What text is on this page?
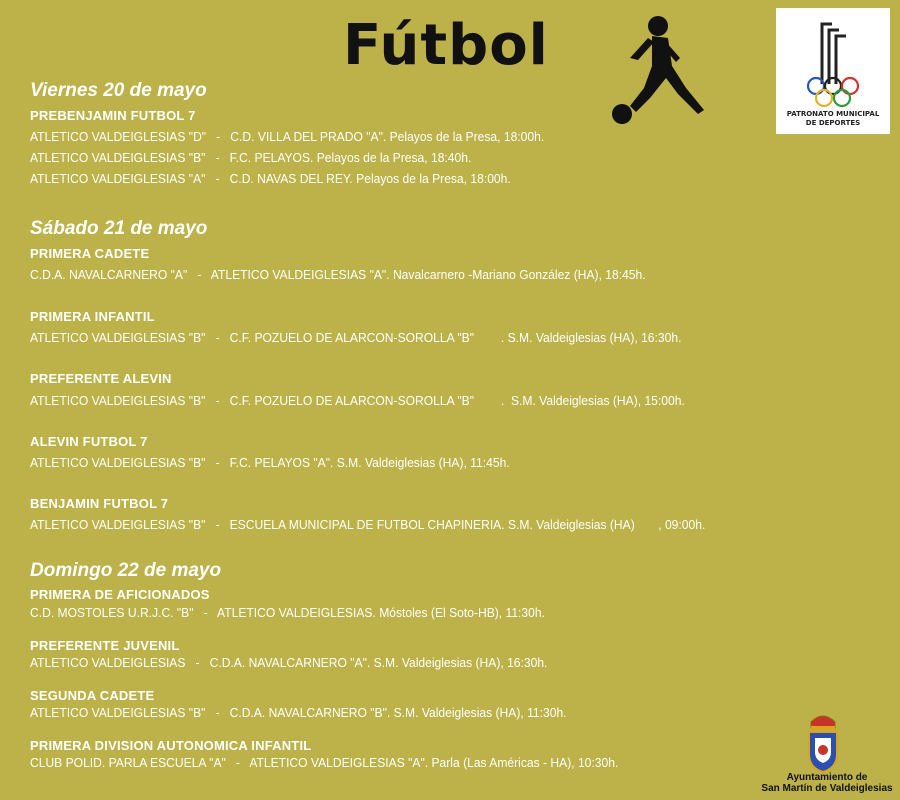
Fútbol
PATRONATO MUNICIPAL
DE DEPORTES
Viernes 20 de mayo
PREBENJAMIN FUTBOL 7
ATLETICO VALDEIGLESIAS "D"   -   C.D. VILLA DEL PRADO "A". Pelayos de la Presa, 18:00h.
ATLETICO VALDEIGLESIAS "B"   -   F.C. PELAYOS. Pelayos de la Presa, 18:40h.
ATLETICO VALDEIGLESIAS "A"   -   C.D. NAVAS DEL REY. Pelayos de la Presa, 18:00h.
Sábado 21 de mayo
PRIMERA CADETE
C.D.A. NAVALCARNERO "A"   -   ATLETICO VALDEIGLESIAS "A". Navalcarnero -Mariano González (HA), 18:45h.
PRIMERA INFANTIL
ATLETICO VALDEIGLESIAS "B"   -   C.F. POZUELO DE ALARCON-SOROLLA "B"        . S.M. Valdeiglesias (HA), 16:30h.
PREFERENTE ALEVIN
ATLETICO VALDEIGLESIAS "B"   -   C.F. POZUELO DE ALARCON-SOROLLA "B"        .  S.M. Valdeiglesias (HA), 15:00h.
ALEVIN FUTBOL 7
ATLETICO VALDEIGLESIAS "B"   -   F.C. PELAYOS "A". S.M. Valdeiglesias (HA), 11:45h.
BENJAMIN FUTBOL 7
ATLETICO VALDEIGLESIAS "B"   -   ESCUELA MUNICIPAL DE FUTBOL CHAPINERIA. S.M. Valdeiglesias (HA)       , 09:00h.
Domingo 22 de mayo
PRIMERA DE AFICIONADOS
C.D. MOSTOLES U.R.J.C. "B"   -   ATLETICO VALDEIGLESIAS. Móstoles (El Soto-HB), 11:30h.
PREFERENTE JUVENIL
ATLETICO VALDEIGLESIAS   -   C.D.A. NAVALCARNERO "A". S.M. Valdeiglesias (HA), 16:30h.
SEGUNDA CADETE
ATLETICO VALDEIGLESIAS "B"   -   C.D.A. NAVALCARNERO "B". S.M. Valdeiglesias (HA), 11:30h.
PRIMERA DIVISION AUTONOMICA INFANTIL
CLUB POLID. PARLA ESCUELA "A"   -   ATLETICO VALDEIGLESIAS "A". Parla (Las Américas - HA), 10:30h.
Ayuntamiento de
San Martín de Valdeiglesias
